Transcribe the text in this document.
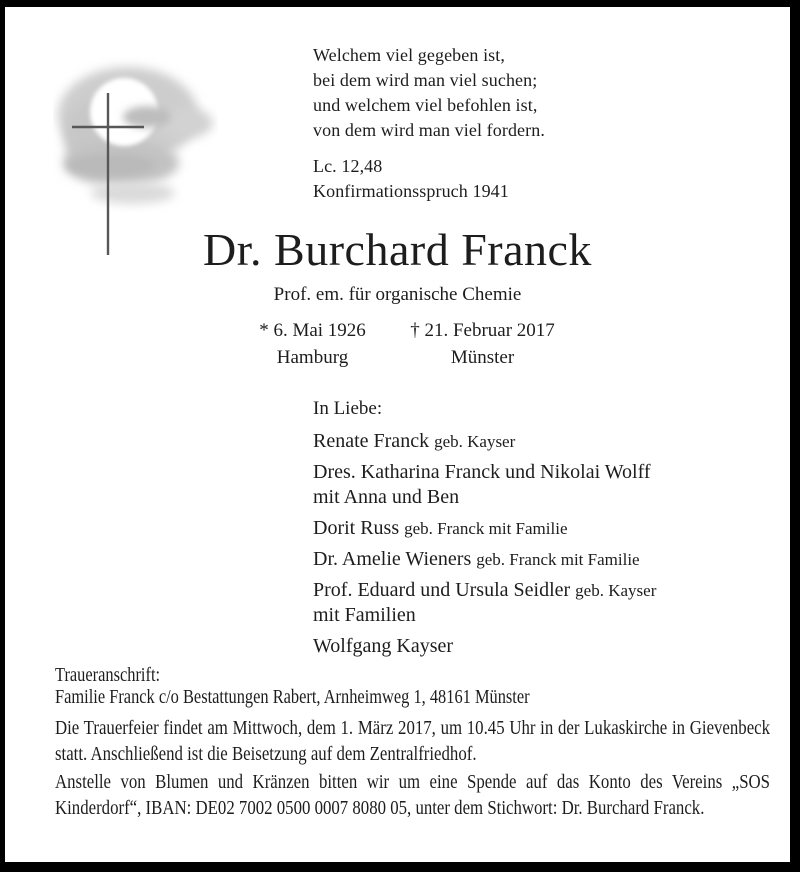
Welchem viel gegeben ist,
bei dem wird man viel suchen;
und welchem viel befohlen ist,
von dem wird man viel fordern.
Lc. 12,48
Konfirmationsspruch 1941
Dr. Burchard Franck
Prof. em. für organische Chemie
* 6. Mai 1926
Hamburg
† 21. Februar 2017
Münster
In Liebe:
Renate Franck geb. Kayser
Dres. Katharina Franck und Nikolai Wolff
mit Anna und Ben
Dorit Russ geb. Franck mit Familie
Dr. Amelie Wieners geb. Franck mit Familie
Prof. Eduard und Ursula Seidler geb. Kayser
mit Familien
Wolfgang Kayser
Traueranschrift:
Familie Franck c/o Bestattungen Rabert, Arnheimweg 1, 48161 Münster

Die Trauerfeier findet am Mittwoch, dem 1. März 2017, um 10.45 Uhr in der Lukaskirche in Gievenbeck statt. Anschließend ist die Beisetzung auf dem Zentralfriedhof.

Anstelle von Blumen und Kränzen bitten wir um eine Spende auf das Konto des Vereins „SOS Kinderdorf“, IBAN: DE02 7002 0500 0007 8080 05, unter dem Stichwort: Dr. Burchard Franck.
